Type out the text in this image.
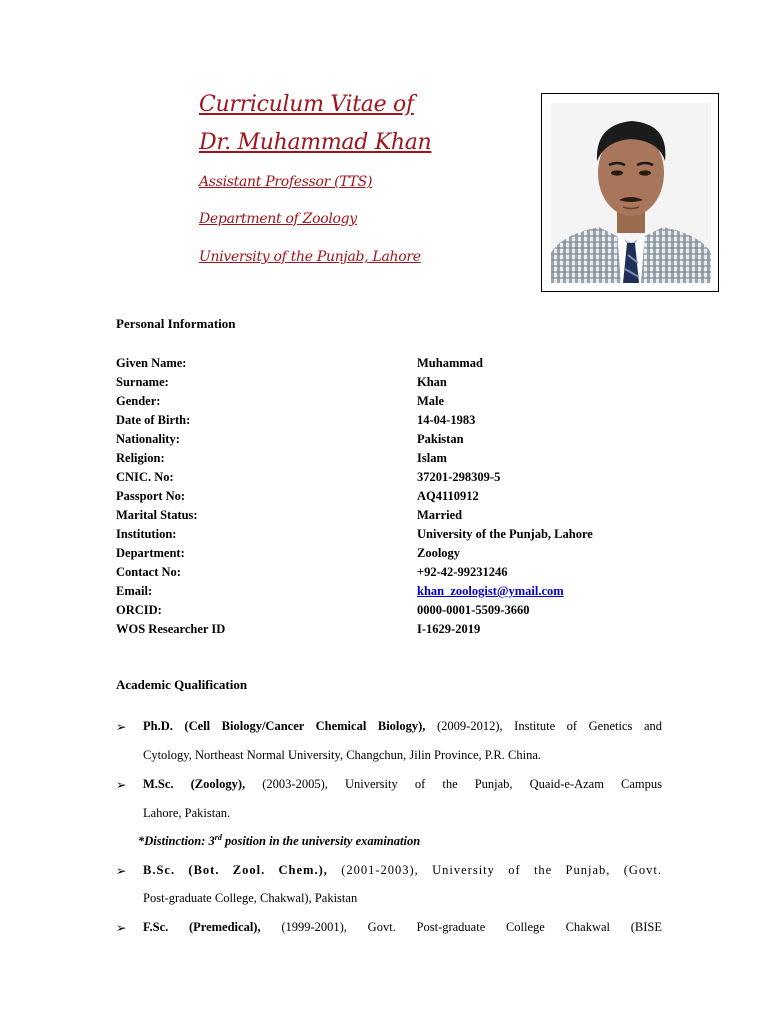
Curriculum Vitae of
Dr. Muhammad Khan
Assistant Professor (TTS)
Department of Zoology
University of the Punjab, Lahore
Personal Information
Given Name:	Muhammad
Surname:	Khan
Gender:	Male
Date of Birth:	14-04-1983
Nationality:	Pakistan
Religion:	Islam
CNIC. No:	37201-298309-5
Passport No:	AQ4110912
Marital Status:	Married
Institution:	University of the Punjab, Lahore
Department:	Zoology
Contact No:	+92-42-99231246
Email:	khan_zoologist@ymail.com
ORCID:	0000-0001-5509-3660
WOS Researcher ID	I-1629-2019
Academic Qualification
➢ Ph.D. (Cell Biology/Cancer Chemical Biology), (2009-2012), Institute of Genetics and
Cytology, Northeast Normal University, Changchun, Jilin Province, P.R. China.
➢ M.Sc. (Zoology), (2003-2005), University of the Punjab, Quaid-e-Azam Campus
Lahore, Pakistan.
*Distinction: 3rd position in the university examination
➢ B.Sc. (Bot. Zool. Chem.), (2001-2003), University of the Punjab, (Govt.
Post-graduate College, Chakwal), Pakistan
➢ F.Sc. (Premedical), (1999-2001), Govt. Post-graduate College Chakwal (BISE
